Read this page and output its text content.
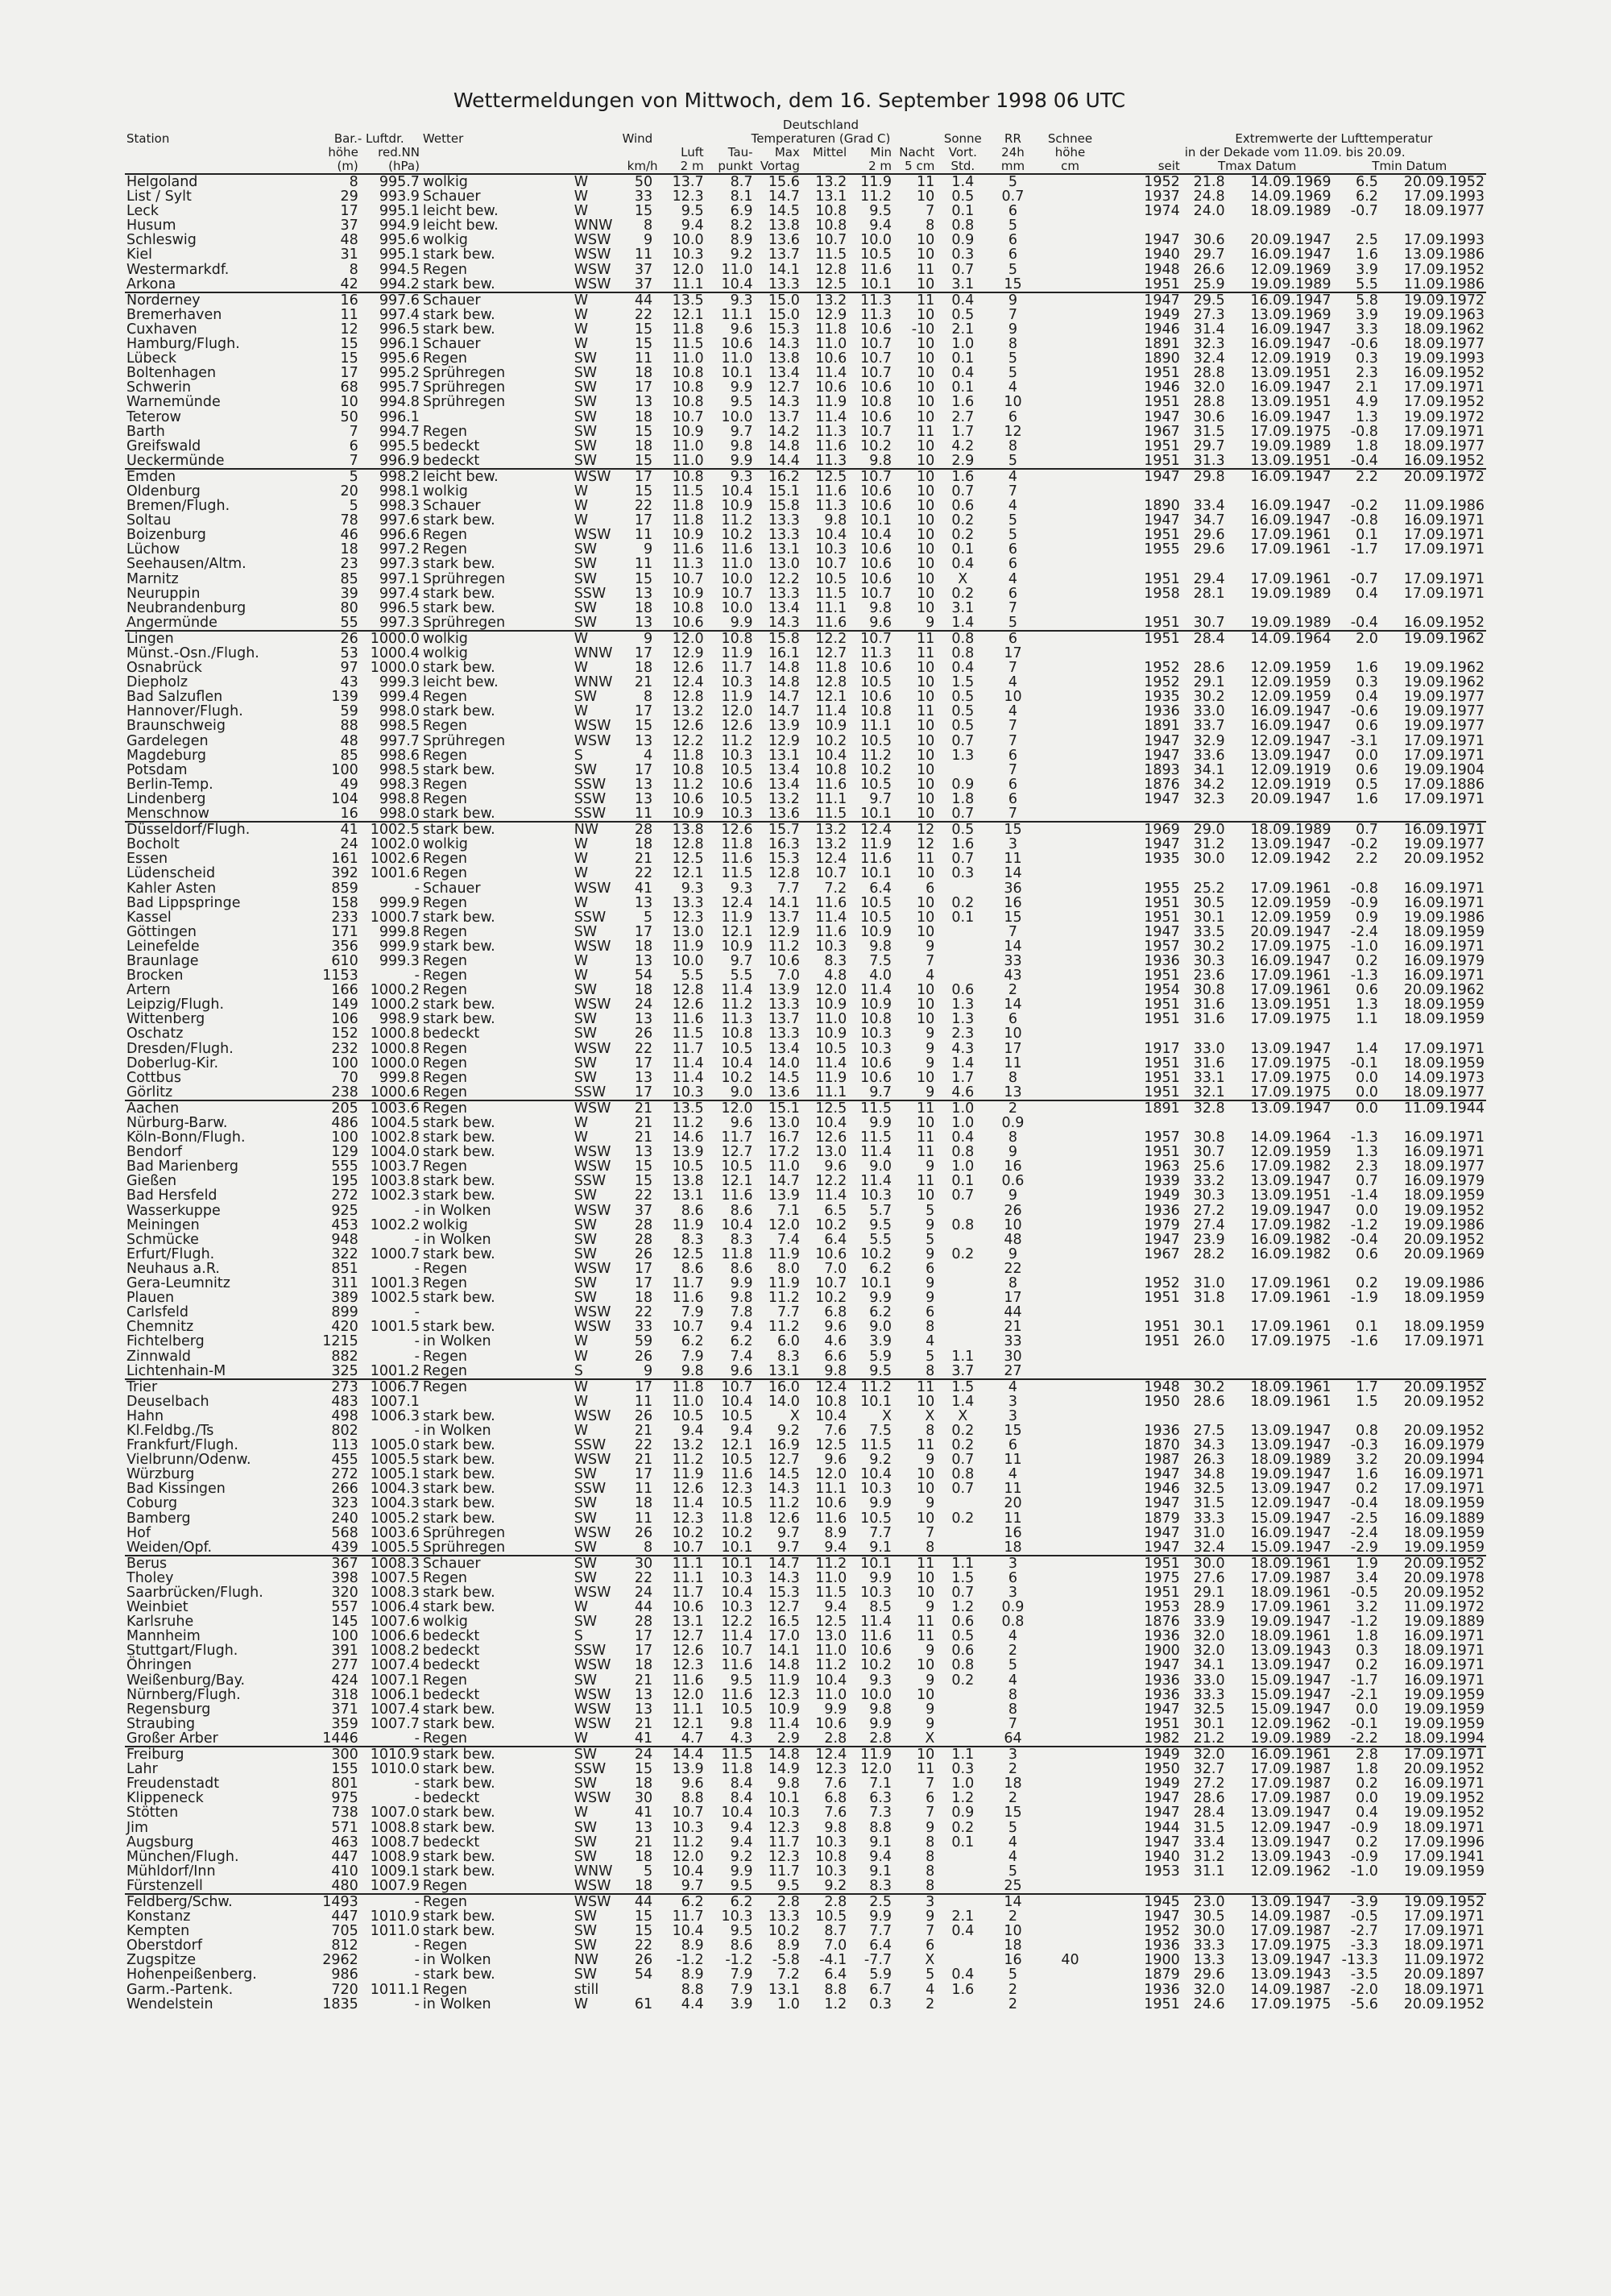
Wettermeldungen von Mittwoch, dem 16. September 1998 06 UTC
							Deutschland												
Station	Bar.- Luftdr.		Wetter	Wind			Temperaturen (Grad C)					Sonne	RR	Schnee		Extremwerte der Lufttemperatur			
	höhe	red.NN				Luft	Tau-	Max	Mittel	Min	Nacht	Vort.	24h	höhe	in der Dekade vom 11.09. bis 20.09.				
	(m)	(hPa)			km/h	2 m	punkt	Vortag		2 m	5 cm	Std.	mm	cm	seit	Tmax Datum		Tmin Datum	
Helgoland	8	995.7	wolkig	W	50	13.7	8.7	15.6	13.2	11.9	11	1.4	5		1952	21.8	14.09.1969	6.5	20.09.1952
List / Sylt	29	993.9	Schauer	W	33	12.3	8.1	14.7	13.1	11.2	10	0.5	0.7		1937	24.8	14.09.1969	6.2	17.09.1993
Leck	17	995.1	leicht bew.	W	15	9.5	6.9	14.5	10.8	9.5	7	0.1	6		1974	24.0	18.09.1989	-0.7	18.09.1977
Husum	37	994.9	leicht bew.	WNW	8	9.4	8.2	13.8	10.8	9.4	8	0.8	5						
Schleswig	48	995.6	wolkig	WSW	9	10.0	8.9	13.6	10.7	10.0	10	0.9	6		1947	30.6	20.09.1947	2.5	17.09.1993
Kiel	31	995.1	stark bew.	WSW	11	10.3	9.2	13.7	11.5	10.5	10	0.3	6		1940	29.7	16.09.1947	1.6	13.09.1986
Westermarkdf.	8	994.5	Regen	WSW	37	12.0	11.0	14.1	12.8	11.6	11	0.7	5		1948	26.6	12.09.1969	3.9	17.09.1952
Arkona	42	994.2	stark bew.	WSW	37	11.1	10.4	13.3	12.5	10.1	10	3.1	15		1951	25.9	19.09.1989	5.5	11.09.1986
Norderney	16	997.6	Schauer	W	44	13.5	9.3	15.0	13.2	11.3	11	0.4	9		1947	29.5	16.09.1947	5.8	19.09.1972
Bremerhaven	11	997.4	stark bew.	W	22	12.1	11.1	15.0	12.9	11.3	10	0.5	7		1949	27.3	13.09.1969	3.9	19.09.1963
Cuxhaven	12	996.5	stark bew.	W	15	11.8	9.6	15.3	11.8	10.6	-10	2.1	9		1946	31.4	16.09.1947	3.3	18.09.1962
Hamburg/Flugh.	15	996.1	Schauer	W	15	11.5	10.6	14.3	11.0	10.7	10	1.0	8		1891	32.3	16.09.1947	-0.6	18.09.1977
Lübeck	15	995.6	Regen	SW	11	11.0	11.0	13.8	10.6	10.7	10	0.1	5		1890	32.4	12.09.1919	0.3	19.09.1993
Boltenhagen	17	995.2	Sprühregen	SW	18	10.8	10.1	13.4	11.4	10.7	10	0.4	5		1951	28.8	13.09.1951	2.3	16.09.1952
Schwerin	68	995.7	Sprühregen	SW	17	10.8	9.9	12.7	10.6	10.6	10	0.1	4		1946	32.0	16.09.1947	2.1	17.09.1971
Warnemünde	10	994.8	Sprühregen	SW	13	10.8	9.5	14.3	11.9	10.8	10	1.6	10		1951	28.8	13.09.1951	4.9	17.09.1952
Teterow	50	996.1		SW	18	10.7	10.0	13.7	11.4	10.6	10	2.7	6		1947	30.6	16.09.1947	1.3	19.09.1972
Barth	7	994.7	Regen	SW	15	10.9	9.7	14.2	11.3	10.7	11	1.7	12		1967	31.5	17.09.1975	-0.8	17.09.1971
Greifswald	6	995.5	bedeckt	SW	18	11.0	9.8	14.8	11.6	10.2	10	4.2	8		1951	29.7	19.09.1989	1.8	18.09.1977
Ueckermünde	7	996.9	bedeckt	SW	15	11.0	9.9	14.4	11.3	9.8	10	2.9	5		1951	31.3	13.09.1951	-0.4	16.09.1952
Emden	5	998.2	leicht bew.	WSW	17	10.8	9.3	16.2	12.5	10.7	10	1.6	4		1947	29.8	16.09.1947	2.2	20.09.1972
Oldenburg	20	998.1	wolkig	W	15	11.5	10.4	15.1	11.6	10.6	10	0.7	7						
Bremen/Flugh.	5	998.3	Schauer	W	22	11.8	10.9	15.8	11.3	10.6	10	0.6	4		1890	33.4	16.09.1947	-0.2	11.09.1986
Soltau	78	997.6	stark bew.	W	17	11.8	11.2	13.3	9.8	10.1	10	0.2	5		1947	34.7	16.09.1947	-0.8	16.09.1971
Boizenburg	46	996.6	Regen	WSW	11	10.9	10.2	13.3	10.4	10.4	10	0.2	5		1951	29.6	17.09.1961	0.1	17.09.1971
Lüchow	18	997.2	Regen	SW	9	11.6	11.6	13.1	10.3	10.6	10	0.1	6		1955	29.6	17.09.1961	-1.7	17.09.1971
Seehausen/Altm.	23	997.3	stark bew.	SW	11	11.3	11.0	13.0	10.7	10.6	10	0.4	6						
Marnitz	85	997.1	Sprühregen	SW	15	10.7	10.0	12.2	10.5	10.6	10	X	4		1951	29.4	17.09.1961	-0.7	17.09.1971
Neuruppin	39	997.4	stark bew.	SSW	13	10.9	10.7	13.3	11.5	10.7	10	0.2	6		1958	28.1	19.09.1989	0.4	17.09.1971
Neubrandenburg	80	996.5	stark bew.	SW	18	10.8	10.0	13.4	11.1	9.8	10	3.1	7						
Angermünde	55	997.3	Sprühregen	SW	13	10.6	9.9	14.3	11.6	9.6	9	1.4	5		1951	30.7	19.09.1989	-0.4	16.09.1952
Lingen	26	1000.0	wolkig	W	9	12.0	10.8	15.8	12.2	10.7	11	0.8	6		1951	28.4	14.09.1964	2.0	19.09.1962
Münst.-Osn./Flugh.	53	1000.4	wolkig	WNW	17	12.9	11.9	16.1	12.7	11.3	11	0.8	17						
Osnabrück	97	1000.0	stark bew.	W	18	12.6	11.7	14.8	11.8	10.6	10	0.4	7		1952	28.6	12.09.1959	1.6	19.09.1962
Diepholz	43	999.3	leicht bew.	WNW	21	12.4	10.3	14.8	12.8	10.5	10	1.5	4		1952	29.1	12.09.1959	0.3	19.09.1962
Bad Salzuflen	139	999.4	Regen	SW	8	12.8	11.9	14.7	12.1	10.6	10	0.5	10		1935	30.2	12.09.1959	0.4	19.09.1977
Hannover/Flugh.	59	998.0	stark bew.	W	17	13.2	12.0	14.7	11.4	10.8	11	0.5	4		1936	33.0	16.09.1947	-0.6	19.09.1977
Braunschweig	88	998.5	Regen	WSW	15	12.6	12.6	13.9	10.9	11.1	10	0.5	7		1891	33.7	16.09.1947	0.6	19.09.1977
Gardelegen	48	997.7	Sprühregen	WSW	13	12.2	11.2	12.9	10.2	10.5	10	0.7	7		1947	32.9	12.09.1947	-3.1	17.09.1971
Magdeburg	85	998.6	Regen	S	4	11.8	10.3	13.1	10.4	11.2	10	1.3	6		1947	33.6	13.09.1947	0.0	17.09.1971
Potsdam	100	998.5	stark bew.	SW	17	10.8	10.5	13.4	10.8	10.2	10		7		1893	34.1	12.09.1919	0.6	19.09.1904
Berlin-Temp.	49	998.3	Regen	SSW	13	11.2	10.6	13.4	11.6	10.5	10	0.9	6		1876	34.2	12.09.1919	0.5	17.09.1886
Lindenberg	104	998.8	Regen	SSW	13	10.6	10.5	13.2	11.1	9.7	10	1.8	6		1947	32.3	20.09.1947	1.6	17.09.1971
Menschnow	16	998.0	stark bew.	SSW	11	10.9	10.3	13.6	11.5	10.1	10	0.7	7						
Düsseldorf/Flugh.	41	1002.5	stark bew.	NW	28	13.8	12.6	15.7	13.2	12.4	12	0.5	15		1969	29.0	18.09.1989	0.7	16.09.1971
Bocholt	24	1002.0	wolkig	W	18	12.8	11.8	16.3	13.2	11.9	12	1.6	3		1947	31.2	13.09.1947	-0.2	19.09.1977
Essen	161	1002.6	Regen	W	21	12.5	11.6	15.3	12.4	11.6	11	0.7	11		1935	30.0	12.09.1942	2.2	20.09.1952
Lüdenscheid	392	1001.6	Regen	W	22	12.1	11.5	12.8	10.7	10.1	10	0.3	14						
Kahler Asten	859	-	Schauer	WSW	41	9.3	9.3	7.7	7.2	6.4	6		36		1955	25.2	17.09.1961	-0.8	16.09.1971
Bad Lippspringe	158	999.9	Regen	W	13	13.3	12.4	14.1	11.6	10.5	10	0.2	16		1951	30.5	12.09.1959	-0.9	16.09.1971
Kassel	233	1000.7	stark bew.	SSW	5	12.3	11.9	13.7	11.4	10.5	10	0.1	15		1951	30.1	12.09.1959	0.9	19.09.1986
Göttingen	171	999.8	Regen	SW	17	13.0	12.1	12.9	11.6	10.9	10		7		1947	33.5	20.09.1947	-2.4	18.09.1959
Leinefelde	356	999.9	stark bew.	WSW	18	11.9	10.9	11.2	10.3	9.8	9		14		1957	30.2	17.09.1975	-1.0	16.09.1971
Braunlage	610	999.3	Regen	W	13	10.0	9.7	10.6	8.3	7.5	7		33		1936	30.3	16.09.1947	0.2	16.09.1979
Brocken	1153	-	Regen	W	54	5.5	5.5	7.0	4.8	4.0	4		43		1951	23.6	17.09.1961	-1.3	16.09.1971
Artern	166	1000.2	Regen	SW	18	12.8	11.4	13.9	12.0	11.4	10	0.6	2		1954	30.8	17.09.1961	0.6	20.09.1962
Leipzig/Flugh.	149	1000.2	stark bew.	WSW	24	12.6	11.2	13.3	10.9	10.9	10	1.3	14		1951	31.6	13.09.1951	1.3	18.09.1959
Wittenberg	106	998.9	stark bew.	SW	13	11.6	11.3	13.7	11.0	10.8	10	1.3	6		1951	31.6	17.09.1975	1.1	18.09.1959
Oschatz	152	1000.8	bedeckt	SW	26	11.5	10.8	13.3	10.9	10.3	9	2.3	10						
Dresden/Flugh.	232	1000.8	Regen	WSW	22	11.7	10.5	13.4	10.5	10.3	9	4.3	17		1917	33.0	13.09.1947	1.4	17.09.1971
Doberlug-Kir.	100	1000.0	Regen	SW	17	11.4	10.4	14.0	11.4	10.6	9	1.4	11		1951	31.6	17.09.1975	-0.1	18.09.1959
Cottbus	70	999.8	Regen	SW	13	11.4	10.2	14.5	11.9	10.6	10	1.7	8		1951	33.1	17.09.1975	0.0	14.09.1973
Görlitz	238	1000.6	Regen	SSW	17	10.3	9.0	13.6	11.1	9.7	9	4.6	13		1951	32.1	17.09.1975	0.0	18.09.1977
Aachen	205	1003.6	Regen	WSW	21	13.5	12.0	15.1	12.5	11.5	11	1.0	2		1891	32.8	13.09.1947	0.0	11.09.1944
Nürburg-Barw.	486	1004.5	stark bew.	W	21	11.2	9.6	13.0	10.4	9.9	10	1.0	0.9						
Köln-Bonn/Flugh.	100	1002.8	stark bew.	W	21	14.6	11.7	16.7	12.6	11.5	11	0.4	8		1957	30.8	14.09.1964	-1.3	16.09.1971
Bendorf	129	1004.0	stark bew.	WSW	13	13.9	12.7	17.2	13.0	11.4	11	0.8	9		1951	30.7	12.09.1959	1.3	16.09.1971
Bad Marienberg	555	1003.7	Regen	WSW	15	10.5	10.5	11.0	9.6	9.0	9	1.0	16		1963	25.6	17.09.1982	2.3	18.09.1977
Gießen	195	1003.8	stark bew.	SSW	15	13.8	12.1	14.7	12.2	11.4	11	0.1	0.6		1939	33.2	13.09.1947	0.7	16.09.1979
Bad Hersfeld	272	1002.3	stark bew.	SW	22	13.1	11.6	13.9	11.4	10.3	10	0.7	9		1949	30.3	13.09.1951	-1.4	18.09.1959
Wasserkuppe	925	-	in Wolken	WSW	37	8.6	8.6	7.1	6.5	5.7	5		26		1936	27.2	19.09.1947	0.0	19.09.1952
Meiningen	453	1002.2	wolkig	SW	28	11.9	10.4	12.0	10.2	9.5	9	0.8	10		1979	27.4	17.09.1982	-1.2	19.09.1986
Schmücke	948	-	in Wolken	SW	28	8.3	8.3	7.4	6.4	5.5	5		48		1947	23.9	16.09.1982	-0.4	20.09.1952
Erfurt/Flugh.	322	1000.7	stark bew.	SW	26	12.5	11.8	11.9	10.6	10.2	9	0.2	9		1967	28.2	16.09.1982	0.6	20.09.1969
Neuhaus a.R.	851	-	Regen	WSW	17	8.6	8.6	8.0	7.0	6.2	6		22						
Gera-Leumnitz	311	1001.3	Regen	SW	17	11.7	9.9	11.9	10.7	10.1	9		8		1952	31.0	17.09.1961	0.2	19.09.1986
Plauen	389	1002.5	stark bew.	SW	18	11.6	9.8	11.2	10.2	9.9	9		17		1951	31.8	17.09.1961	-1.9	18.09.1959
Carlsfeld	899	-		WSW	22	7.9	7.8	7.7	6.8	6.2	6		44						
Chemnitz	420	1001.5	stark bew.	WSW	33	10.7	9.4	11.2	9.6	9.0	8		21		1951	30.1	17.09.1961	0.1	18.09.1959
Fichtelberg	1215	-	in Wolken	W	59	6.2	6.2	6.0	4.6	3.9	4		33		1951	26.0	17.09.1975	-1.6	17.09.1971
Zinnwald	882	-	Regen	W	26	7.9	7.4	8.3	6.6	5.9	5	1.1	30						
Lichtenhain-M	325	1001.2	Regen	S	9	9.8	9.6	13.1	9.8	9.5	8	3.7	27						
Trier	273	1006.7	Regen	W	17	11.8	10.7	16.0	12.4	11.2	11	1.5	4		1948	30.2	18.09.1961	1.7	20.09.1952
Deuselbach	483	1007.1		W	11	11.0	10.4	14.0	10.8	10.1	10	1.4	3		1950	28.6	18.09.1961	1.5	20.09.1952
Hahn	498	1006.3	stark bew.	WSW	26	10.5	10.5	X	10.4	X	X	X	3						
Kl.Feldbg./Ts	802	-	in Wolken	W	21	9.4	9.4	9.2	7.6	7.5	8	0.2	15		1936	27.5	13.09.1947	0.8	20.09.1952
Frankfurt/Flugh.	113	1005.0	stark bew.	SSW	22	13.2	12.1	16.9	12.5	11.5	11	0.2	6		1870	34.3	13.09.1947	-0.3	16.09.1979
Vielbrunn/Odenw.	455	1005.5	stark bew.	WSW	21	11.2	10.5	12.7	9.6	9.2	9	0.7	11		1987	26.3	18.09.1989	3.2	20.09.1994
Würzburg	272	1005.1	stark bew.	SW	17	11.9	11.6	14.5	12.0	10.4	10	0.8	4		1947	34.8	19.09.1947	1.6	16.09.1971
Bad Kissingen	266	1004.3	stark bew.	SSW	11	12.6	12.3	14.3	11.1	10.3	10	0.7	11		1946	32.5	13.09.1947	0.2	17.09.1971
Coburg	323	1004.3	stark bew.	SW	18	11.4	10.5	11.2	10.6	9.9	9		20		1947	31.5	12.09.1947	-0.4	18.09.1959
Bamberg	240	1005.2	stark bew.	SW	11	12.3	11.8	12.6	11.6	10.5	10	0.2	11		1879	33.3	15.09.1947	-2.5	16.09.1889
Hof	568	1003.6	Sprühregen	WSW	26	10.2	10.2	9.7	8.9	7.7	7		16		1947	31.0	16.09.1947	-2.4	18.09.1959
Weiden/Opf.	439	1005.5	Sprühregen	SW	8	10.7	10.1	9.7	9.4	9.1	8		18		1947	32.4	15.09.1947	-2.9	19.09.1959
Berus	367	1008.3	Schauer	SW	30	11.1	10.1	14.7	11.2	10.1	11	1.1	3		1951	30.0	18.09.1961	1.9	20.09.1952
Tholey	398	1007.5	Regen	SW	22	11.1	10.3	14.3	11.0	9.9	10	1.5	6		1975	27.6	17.09.1987	3.4	20.09.1978
Saarbrücken/Flugh.	320	1008.3	stark bew.	WSW	24	11.7	10.4	15.3	11.5	10.3	10	0.7	3		1951	29.1	18.09.1961	-0.5	20.09.1952
Weinbiet	557	1006.4	stark bew.	W	44	10.6	10.3	12.7	9.4	8.5	9	1.2	0.9		1953	28.9	17.09.1961	3.2	11.09.1972
Karlsruhe	145	1007.6	wolkig	SW	28	13.1	12.2	16.5	12.5	11.4	11	0.6	0.8		1876	33.9	19.09.1947	-1.2	19.09.1889
Mannheim	100	1006.6	bedeckt	S	17	12.7	11.4	17.0	13.0	11.6	11	0.5	4		1936	32.0	18.09.1961	1.8	16.09.1971
Stuttgart/Flugh.	391	1008.2	bedeckt	SSW	17	12.6	10.7	14.1	11.0	10.6	9	0.6	2		1900	32.0	13.09.1943	0.3	18.09.1971
Öhringen	277	1007.4	bedeckt	WSW	18	12.3	11.6	14.8	11.2	10.2	10	0.8	5		1947	34.1	13.09.1947	0.2	16.09.1971
Weißenburg/Bay.	424	1007.1	Regen	SW	21	11.6	9.5	11.9	10.4	9.3	9	0.2	4		1936	33.0	15.09.1947	-1.7	16.09.1971
Nürnberg/Flugh.	318	1006.1	bedeckt	WSW	13	12.0	11.6	12.3	11.0	10.0	10		8		1936	33.3	15.09.1947	-2.1	19.09.1959
Regensburg	371	1007.4	stark bew.	WSW	13	11.1	10.5	10.9	9.9	9.8	9		8		1947	32.5	15.09.1947	0.0	19.09.1959
Straubing	359	1007.7	stark bew.	WSW	21	12.1	9.8	11.4	10.6	9.9	9		7		1951	30.1	12.09.1962	-0.1	19.09.1959
Großer Arber	1446	-	Regen	W	41	4.7	4.3	2.9	2.8	2.8	X		64		1982	21.2	19.09.1989	-2.2	18.09.1994
Freiburg	300	1010.9	stark bew.	SW	24	14.4	11.5	14.8	12.4	11.9	10	1.1	3		1949	32.0	16.09.1961	2.8	17.09.1971
Lahr	155	1010.0	stark bew.	SSW	15	13.9	11.8	14.9	12.3	12.0	11	0.3	2		1950	32.7	17.09.1987	1.8	20.09.1952
Freudenstadt	801	-	stark bew.	SW	18	9.6	8.4	9.8	7.6	7.1	7	1.0	18		1949	27.2	17.09.1987	0.2	16.09.1971
Klippeneck	975	-	bedeckt	WSW	30	8.8	8.4	10.1	6.8	6.3	6	1.2	2		1947	28.6	17.09.1987	0.0	19.09.1952
Stötten	738	1007.0	stark bew.	W	41	10.7	10.4	10.3	7.6	7.3	7	0.9	15		1947	28.4	13.09.1947	0.4	19.09.1952
Jim	571	1008.8	stark bew.	SW	13	10.3	9.4	12.3	9.8	8.8	9	0.2	5		1944	31.5	12.09.1947	-0.9	18.09.1971
Augsburg	463	1008.7	bedeckt	SW	21	11.2	9.4	11.7	10.3	9.1	8	0.1	4		1947	33.4	13.09.1947	0.2	17.09.1996
München/Flugh.	447	1008.9	stark bew.	SW	18	12.0	9.2	12.3	10.8	9.4	8		4		1940	31.2	13.09.1943	-0.9	17.09.1941
Mühldorf/Inn	410	1009.1	stark bew.	WNW	5	10.4	9.9	11.7	10.3	9.1	8		5		1953	31.1	12.09.1962	-1.0	19.09.1959
Fürstenzell	480	1007.9	Regen	WSW	18	9.7	9.5	9.5	9.2	8.3	8		25						
Feldberg/Schw.	1493	-	Regen	WSW	44	6.2	6.2	2.8	2.8	2.5	3		14		1945	23.0	13.09.1947	-3.9	19.09.1952
Konstanz	447	1010.9	stark bew.	SW	15	11.7	10.3	13.3	10.5	9.9	9	2.1	2		1947	30.5	14.09.1987	-0.5	17.09.1971
Kempten	705	1011.0	stark bew.	SW	15	10.4	9.5	10.2	8.7	7.7	7	0.4	10		1952	30.0	17.09.1987	-2.7	17.09.1971
Oberstdorf	812	-	Regen	SW	22	8.9	8.6	8.9	7.0	6.4	6		18		1936	33.3	17.09.1975	-3.3	18.09.1971
Zugspitze	2962	-	in Wolken	NW	26	-1.2	-1.2	-5.8	-4.1	-7.7	X		16	40	1900	13.3	13.09.1947	-13.3	11.09.1972
Hohenpeißenberg.	986	-	stark bew.	SW	54	8.9	7.9	7.2	6.4	5.9	5	0.4	5		1879	29.6	13.09.1943	-3.5	20.09.1897
Garm.-Partenk.	720	1011.1	Regen	still		8.8	7.9	13.1	8.8	6.7	4	1.6	2		1936	32.0	14.09.1987	-2.0	18.09.1971
Wendelstein	1835	-	in Wolken	W	61	4.4	3.9	1.0	1.2	0.3	2		2		1951	24.6	17.09.1975	-5.6	20.09.1952
